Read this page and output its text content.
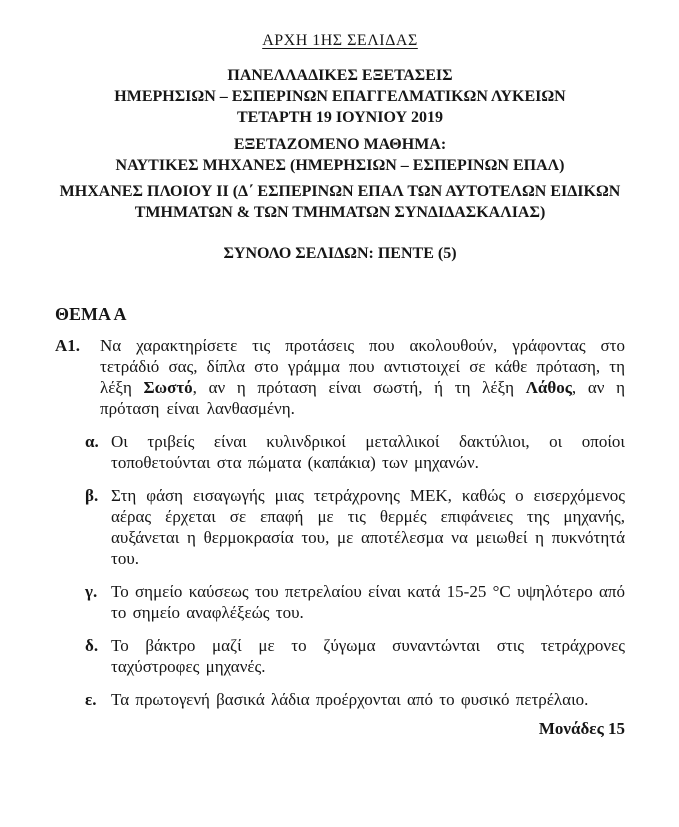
ΑΡΧΗ 1ΗΣ ΣΕΛΙΔΑΣ
ΠΑΝΕΛΛΑΔΙΚΕΣ ΕΞΕΤΑΣΕΙΣ
ΗΜΕΡΗΣΙΩΝ – ΕΣΠΕΡΙΝΩΝ ΕΠΑΓΓΕΛΜΑΤΙΚΩΝ ΛΥΚΕΙΩΝ
ΤΕΤΑΡΤΗ 19 ΙΟΥΝΙΟΥ 2019
ΕΞΕΤΑΖΟΜΕΝΟ ΜΑΘΗΜΑ:
ΝΑΥΤΙΚΕΣ ΜΗΧΑΝΕΣ (ΗΜΕΡΗΣΙΩΝ – ΕΣΠΕΡΙΝΩΝ ΕΠΑΛ)
ΜΗΧΑΝΕΣ ΠΛΟΙΟΥ ΙΙ (Δ΄ ΕΣΠΕΡΙΝΩΝ ΕΠΑΛ ΤΩΝ ΑΥΤΟΤΕΛΩΝ ΕΙΔΙΚΩΝ ΤΜΗΜΑΤΩΝ & ΤΩΝ ΤΜΗΜΑΤΩΝ ΣΥΝΔΙΔΑΣΚΑΛΙΑΣ)
ΣΥΝΟΛΟ ΣΕΛΙΔΩΝ: ΠΕΝΤΕ (5)
ΘΕΜΑ Α
Α1.	Να χαρακτηρίσετε τις προτάσεις που ακολουθούν, γράφοντας στο τετράδιό σας, δίπλα στο γράμμα που αντιστοιχεί σε κάθε πρόταση, τη λέξη Σωστό, αν η πρόταση είναι σωστή, ή τη λέξη Λάθος, αν η πρόταση είναι λανθασμένη.
α. Οι τριβείς είναι κυλινδρικοί μεταλλικοί δακτύλιοι, οι οποίοι τοποθετούνται στα πώματα (καπάκια) των μηχανών.
β. Στη φάση εισαγωγής μιας τετράχρονης ΜΕΚ, καθώς ο εισερχόμενος αέρας έρχεται σε επαφή με τις θερμές επιφάνειες της μηχανής, αυξάνεται η θερμοκρασία του, με αποτέλεσμα να μειωθεί η πυκνότητά του.
γ. Το σημείο καύσεως του πετρελαίου είναι κατά 15-25 °C υψηλότερο από το σημείο αναφλέξεώς του.
δ. Το βάκτρο μαζί με το ζύγωμα συναντώνται στις τετράχρονες ταχύστροφες μηχανές.
ε. Τα πρωτογενή βασικά λάδια προέρχονται από το φυσικό πετρέλαιο.
Μονάδες 15
